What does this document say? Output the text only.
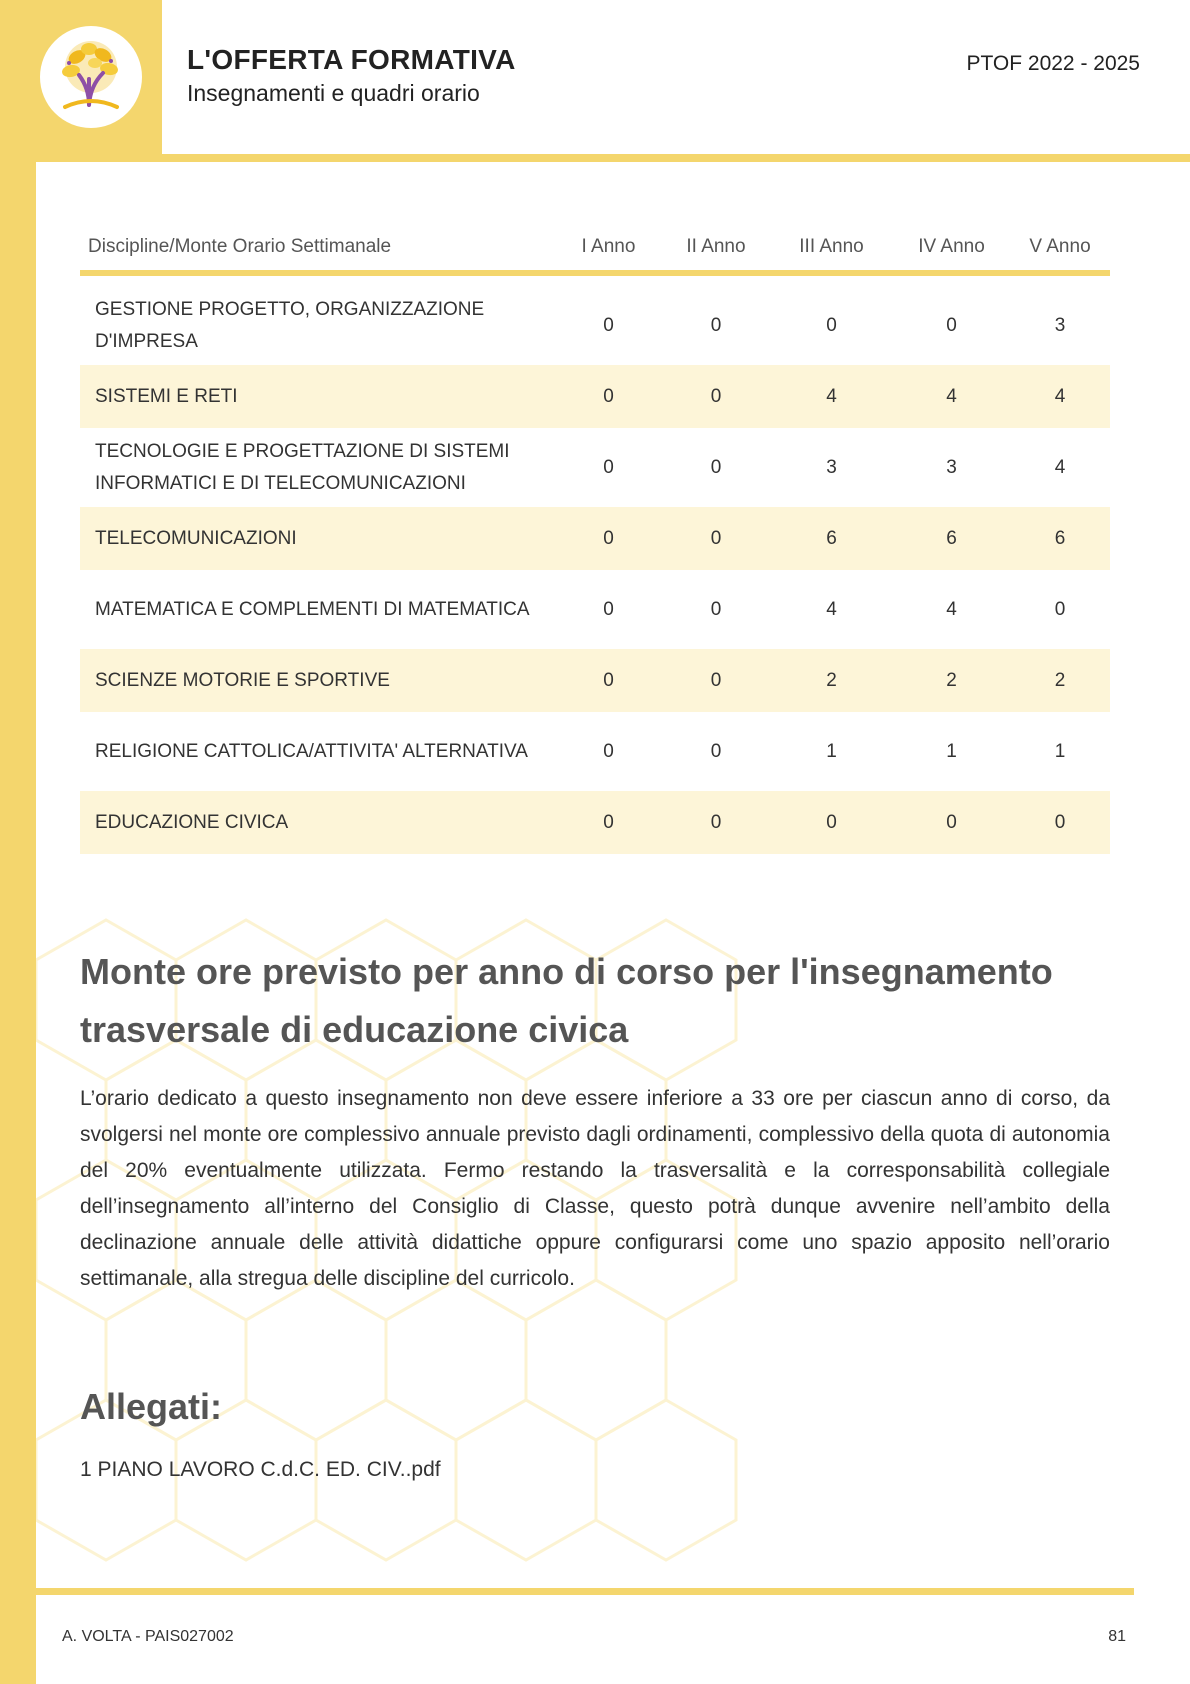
L'OFFERTA FORMATIVA
Insegnamenti e quadri orario
PTOF 2022 - 2025
Discipline/Monte Orario Settimanale	I Anno	II Anno	III Anno	IV Anno	V Anno

GESTIONE PROGETTO, ORGANIZZAZIONE D'IMPRESA	0	0	0	0	3
SISTEMI E RETI	0	0	4	4	4
TECNOLOGIE E PROGETTAZIONE DI SISTEMI INFORMATICI E DI TELECOMUNICAZIONI	0	0	3	3	4
TELECOMUNICAZIONI	0	0	6	6	6
MATEMATICA E COMPLEMENTI DI MATEMATICA	0	0	4	4	0
SCIENZE MOTORIE E SPORTIVE	0	0	2	2	2
RELIGIONE CATTOLICA/ATTIVITA' ALTERNATIVA	0	0	1	1	1
EDUCAZIONE CIVICA	0	0	0	0	0
Monte ore previsto per anno di corso per l'insegnamento trasversale di educazione civica

L’orario dedicato a questo insegnamento non deve essere inferiore a 33 ore per ciascun anno di corso, da svolgersi nel monte ore complessivo annuale previsto dagli ordinamenti, complessivo della quota di autonomia del 20% eventualmente utilizzata. Fermo restando la trasversalità e la corresponsabilità collegiale dell’insegnamento all’interno del Consiglio di Classe, questo potrà dunque avvenire nell’ambito della declinazione annuale delle attività didattiche oppure configurarsi come uno spazio apposito nell’orario settimanale, alla stregua delle discipline del curricolo.

Allegati:
1 PIANO LAVORO C.d.C. ED. CIV..pdf
A. VOLTA - PAIS027002	81
